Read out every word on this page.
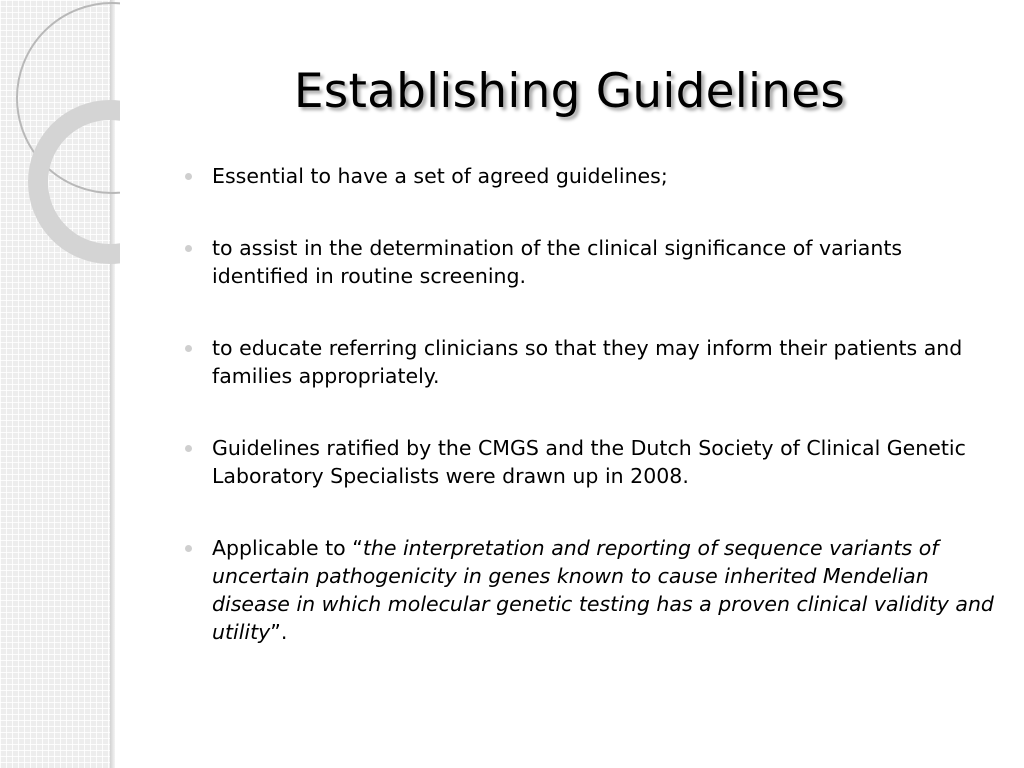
Establishing Guidelines
Essential to have a set of agreed guidelines;
to assist in the determination of the clinical significance of variants identified in routine screening.
to educate referring clinicians so that they may inform their patients and families appropriately.
Guidelines ratified by the CMGS and the Dutch Society of Clinical Genetic Laboratory Specialists were drawn up in 2008.
Applicable to “the interpretation and reporting of sequence variants of uncertain pathogenicity in genes known to cause inherited Mendelian disease in which molecular genetic testing has a proven clinical validity and utility”.
